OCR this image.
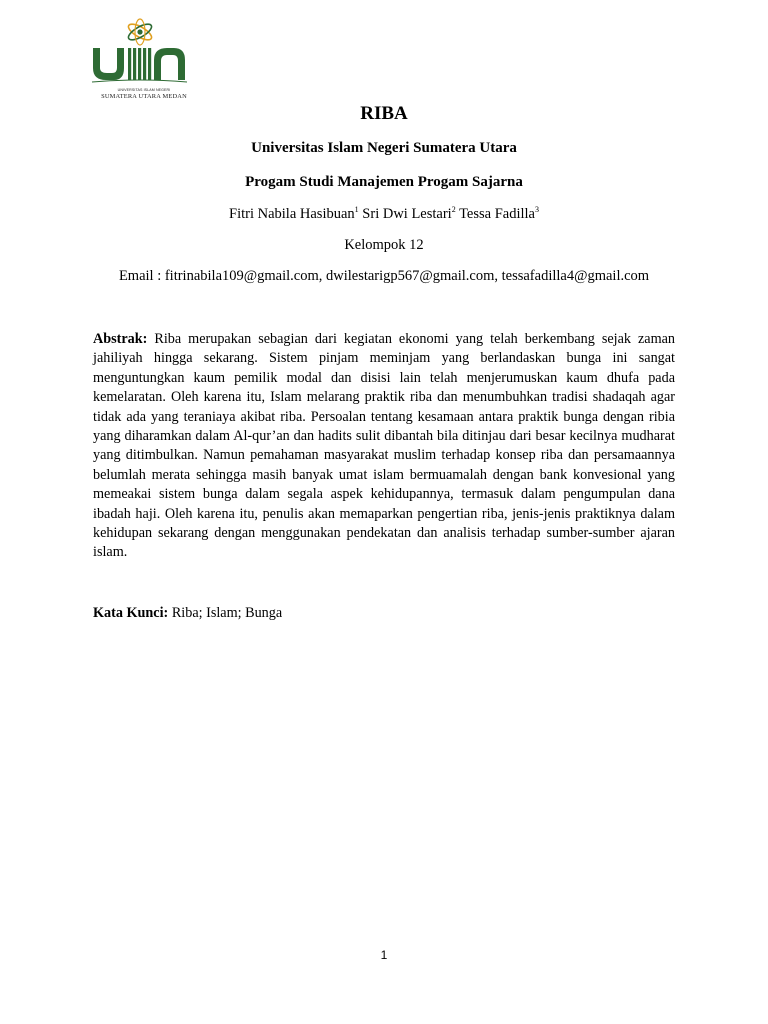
UNIVERSITAS ISLAM NEGERI
SUMATERA UTARA MEDAN
RIBA
Universitas Islam Negeri Sumatera Utara
Progam Studi Manajemen Progam Sajarna
Fitri Nabila Hasibuan$^1$ Sri Dwi Lestari$^2$ Tessa Fadilla$^3$
Kelompok 12
Email : fitrinabila109@gmail.com, dwilestarigp567@gmail.com, tessafadilla4@gmail.com
Abstrak: Riba merupakan sebagian dari kegiatan ekonomi yang telah berkembang sejak zaman jahiliyah hingga sekarang. Sistem pinjam meminjam yang berlandaskan bunga ini sangat menguntungkan kaum pemilik modal dan disisi lain telah menjerumuskan kaum dhufa pada kemelaratan. Oleh karena itu, Islam melarang praktik riba dan menumbuhkan tradisi shadaqah agar tidak ada yang teraniaya akibat riba. Persoalan tentang kesamaan antara praktik bunga dengan ribia yang diharamkan dalam Al-qur’an dan hadits sulit dibantah bila ditinjau dari besar kecilnya mudharat yang ditimbulkan. Namun pemahaman masyarakat muslim terhadap konsep riba dan persamaannya belumlah merata sehingga masih banyak umat islam bermuamalah dengan bank konvesional yang memeakai sistem bunga dalam segala aspek kehidupannya, termasuk dalam pengumpulan dana ibadah haji. Oleh karena itu, penulis akan memaparkan pengertian riba, jenis-jenis praktiknya dalam kehidupan sekarang dengan menggunakan pendekatan dan analisis terhadap sumber-sumber ajaran islam.
Kata Kunci: Riba; Islam; Bunga
1
